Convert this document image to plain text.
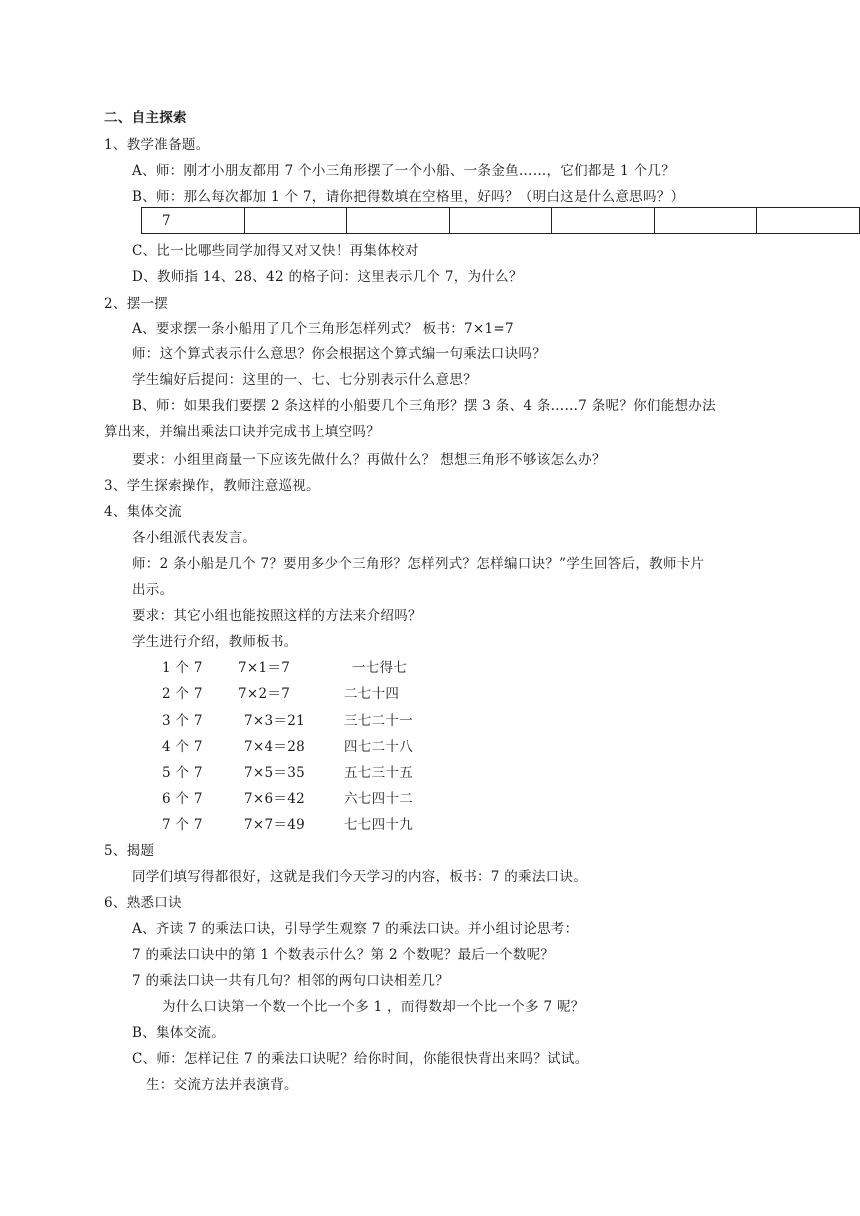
二、自主探索
1、教学准备题。
A、师：刚才小朋友都用 7 个小三角形摆了一个小船、一条金鱼……，它们都是 1 个几？
B、师：那么每次都加 1 个 7，请你把得数填在空格里，好吗？（明白这是什么意思吗？）
7						
C、比一比哪些同学加得又对又快！再集体校对
D、教师指 14、28、42 的格子问：这里表示几个 7，为什么？
2、摆一摆
A、要求摆一条小船用了几个三角形怎样列式？ 板书：7×1=7
师：这个算式表示什么意思？你会根据这个算式编一句乘法口诀吗？
学生编好后提问：这里的一、七、七分别表示什么意思？
B、师：如果我们要摆 2 条这样的小船要几个三角形？摆 3 条、4 条……7 条呢？你们能想办法
算出来，并编出乘法口诀并完成书上填空吗？
要求：小组里商量一下应该先做什么？再做什么？ 想想三角形不够该怎么办？
3、学生探索操作，教师注意巡视。
4、集体交流
各小组派代表发言。
师：2 条小船是几个 7？要用多少个三角形？怎样列式？怎样编口诀？”学生回答后，教师卡片
出示。
要求：其它小组也能按照这样的方法来介绍吗？
学生进行介绍，教师板书。
1 个 7	7×1＝7	一七得七
2 个 7	7×2＝7	二七十四
3 个 7	7×3＝21	三七二十一
4 个 7	7×4＝28	四七二十八
5 个 7	7×5＝35	五七三十五
6 个 7	7×6＝42	六七四十二
7 个 7	7×7＝49	七七四十九
5、揭题
同学们填写得都很好，这就是我们今天学习的内容，板书：7 的乘法口诀。
6、熟悉口诀
A、齐读 7 的乘法口诀，引导学生观察 7 的乘法口诀。并小组讨论思考：
7 的乘法口诀中的第 1 个数表示什么？第 2 个数呢？最后一个数呢？
7 的乘法口诀一共有几句？相邻的两句口诀相差几？
为什么口诀第一个数一个比一个多 1 ，而得数却一个比一个多 7 呢？
B、集体交流。
C、师：怎样记住 7 的乘法口诀呢？给你时间，你能很快背出来吗？试试。
生：交流方法并表演背。
